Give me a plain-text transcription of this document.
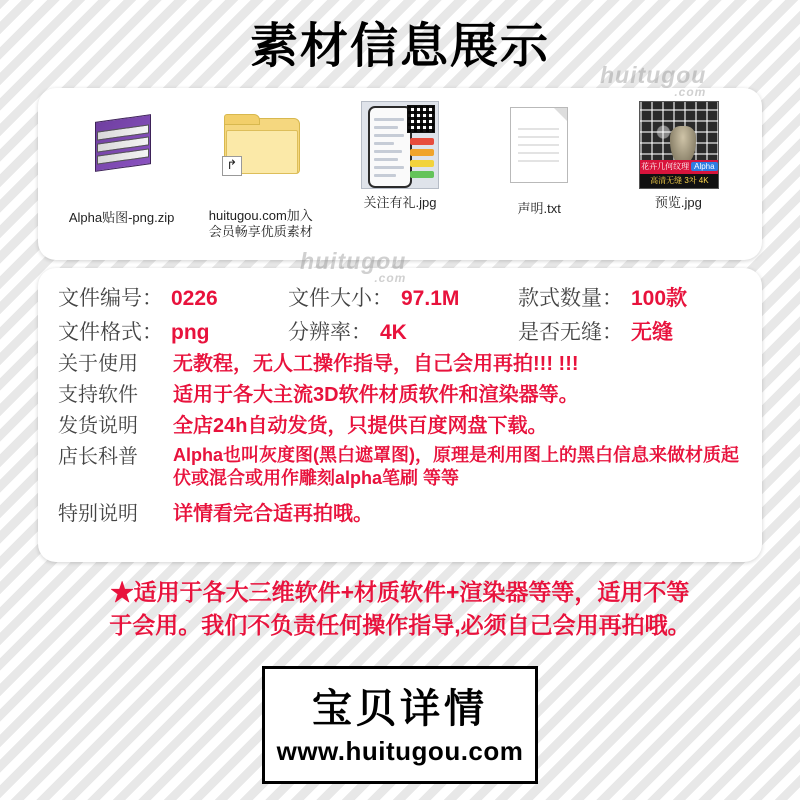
素材信息展示
huitugou
.com
Alpha贴图-png.zip
↱
huitugou.com加入会员畅享优质素材
关注有礼.jpg	声明.txt
花卉几何纹理 Alpha
高清无缝 3차 4K
预览.jpg
huitugou
.com
文件编号： 0226	文件大小： 97.1M	款式数量： 100款
文件格式： png	分辨率： 4K	是否无缝： 无缝
关于使用	无教程，无人工操作指导，自己会用再拍!!! !!!
支持软件	适用于各大主流3D软件材质软件和渲染器等。
发货说明	全店24h自动发货，只提供百度网盘下载。
店长科普	Alpha也叫灰度图(黑白遮罩图)，原理是利用图上的黑白信息来做材质起伏或混合或用作雕刻alpha笔刷 等等
特别说明	详情看完合适再拍哦。
★适用于各大三维软件+材质软件+渲染器等等，适用不等
于会用。我们不负责任何操作指导,必须自己会用再拍哦。
宝贝详情
www.huitugou.com
